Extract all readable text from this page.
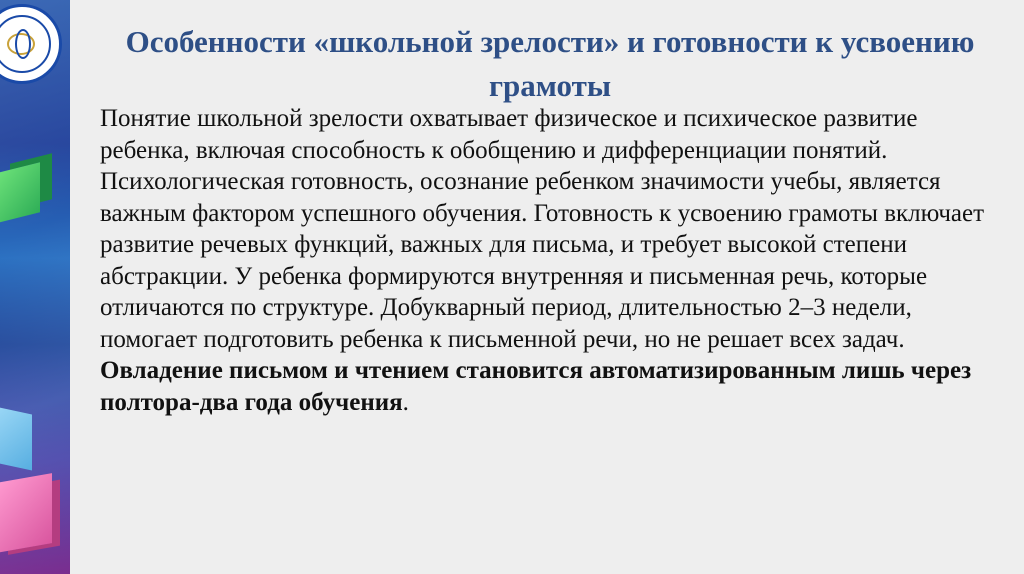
Особенности «школьной зрелости» и готовности к усвоению грамоты

Понятие школьной зрелости охватывает физическое и психическое развитие ребенка, включая способность к обобщению и дифференциации понятий.

Психологическая готовность, осознание ребенком значимости учебы, является важным фактором успешного обучения. Готовность к усвоению грамоты включает развитие речевых функций, важных для письма, и требует высокой степени абстракции. У ребенка формируются внутренняя и письменная речь, которые отличаются по структуре. Добукварный период, длительностью 2–3 недели, помогает подготовить ребенка к письменной речи, но не решает всех задач. Овладение письмом и чтением становится автоматизированным лишь через полтора-два года обучения.
